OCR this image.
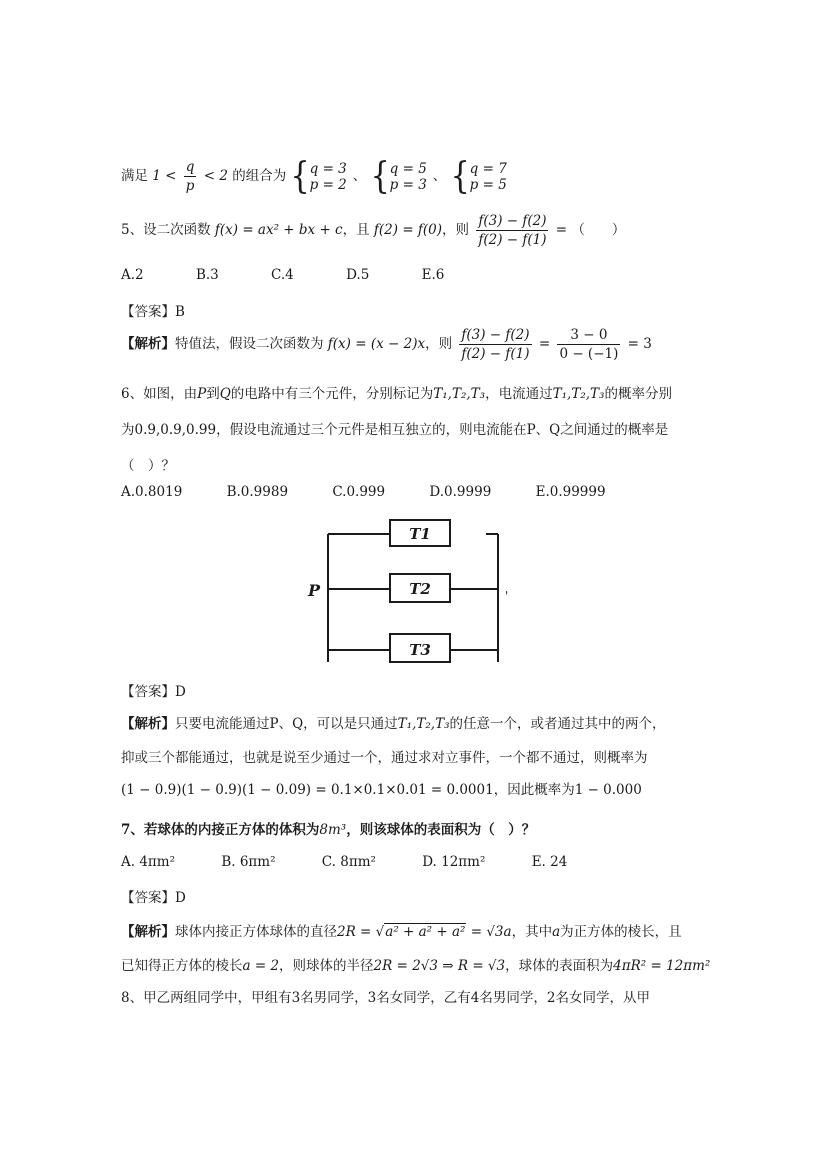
满足 $1 < \frac{q}{p} < 2$ 的组合为 {q = 3
p = 2、 {q = 5
p = 3、 {q = 7
p = 5
5、设二次函数 f(x) = ax² + bx + c，且 f(2) = f(0)，则 $\frac{f(3) - f(2)}{f(2) - f(1)}$ = （　　）
A.2	B.3	C.4	D.5	E.6
【答案】B
【解析】特值法，假设二次函数为 f(x) = (x − 2)x，则 $\frac{f(3) - f(2)}{f(2) - f(1)} = \frac{3 - 0}{0 - (-1)} = 3$
6、如图，由P到Q的电路中有三个元件，分别标记为T₁,T₂,T₃，电流通过T₁,T₂,T₃的概率分别
为0.9,0.9,0.99，假设电流通过三个元件是相互独立的，则电流能在P、Q之间通过的概率是
（　）？
A.0.8019	B.0.9989	C.0.999	D.0.9999	E.0.99999
P	'
T1
T2
T3
【答案】D
【解析】只要电流能通过P、Q，可以是只通过T₁,T₂,T₃的任意一个，或者通过其中的两个，
抑或三个都能通过，也就是说至少通过一个，通过求对立事件，一个都不通过，则概率为
(1 − 0.9)(1 − 0.9)(1 − 0.09) = 0.1×0.1×0.01 = 0.0001，因此概率为1 − 0.000
7、若球体的内接正方体的体积为8m³，则该球体的表面积为（　）？
A. 4πm²	B. 6πm²	C. 8πm²	D. 12πm²	E. 24
【答案】D
【解析】球体内接正方体球体的直径2R = √a² + a² + a² = √3a，其中a为正方体的棱长，且
已知得正方体的棱长a = 2，则球体的半径2R = 2√3 ⇒ R = √3，球体的表面积为4πR² = 12πm²
8、甲乙两组同学中，甲组有3名男同学，3名女同学，乙有4名男同学，2名女同学，从甲
